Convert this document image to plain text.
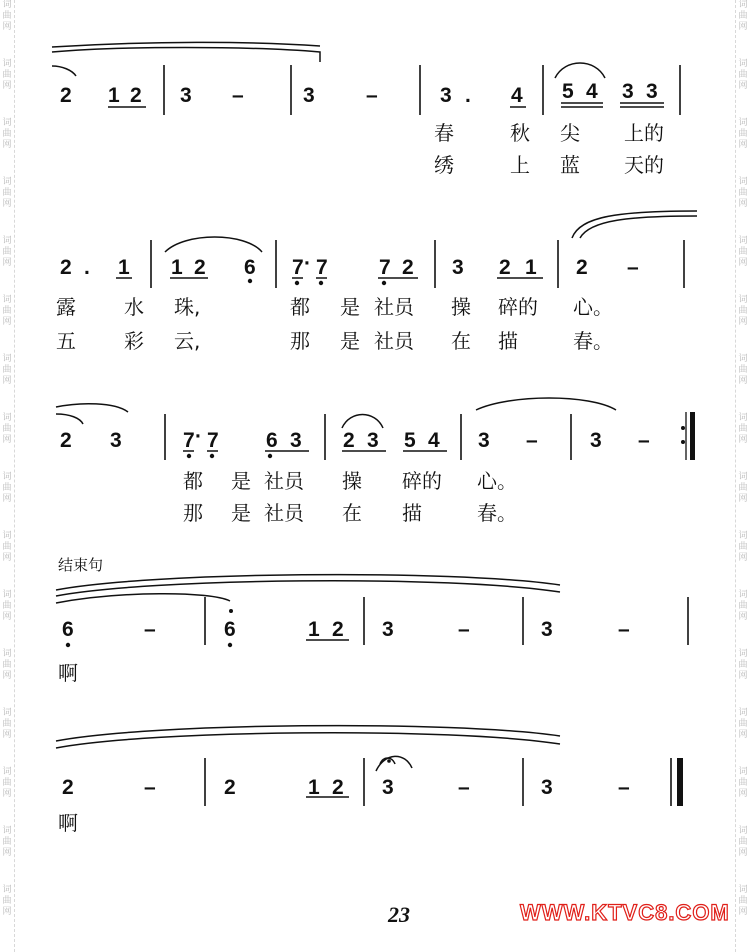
词
曲
网
词
曲
网
词
曲
网
词
曲
网
词
曲
网
词
曲
网
词
曲
网
词
曲
网
词
曲
网
词
曲
网
词
曲
网
词
曲
网
词
曲
网
词
曲
网
词
曲
网
词
曲
网
词
曲
网
词
曲
网
词
曲
网
词
曲
网
词
曲
网
词
曲
网
词
曲
网
词
曲
网
词
曲
网
词
曲
网
词
曲
网
词
曲
网
词
曲
网
词
曲
网
词
曲
网
词
曲
网
2 1 2 3 –	3 –	3 . 4 5 4 3 3
春	秋 尖 上的
绣	上 蓝 天的
2 . 1 1 2 6 7 · 7 7 2 3 2 1 2 –
露 水 珠,	都 是 社员 操 碎的 心。
五 彩 云,	那 是 社员 在 描	春。
2 3	7 · 7 6 3 2 3 5 4 3 – 3 –
都 是 社员 操 碎的 心。
那 是 社员 在 描	春。
结束句
6	–	6	1 2 3	–	3	–
啊
2	–	2	1 2 3	–	3	–
啊
23	WWW.KTVC8.COM
